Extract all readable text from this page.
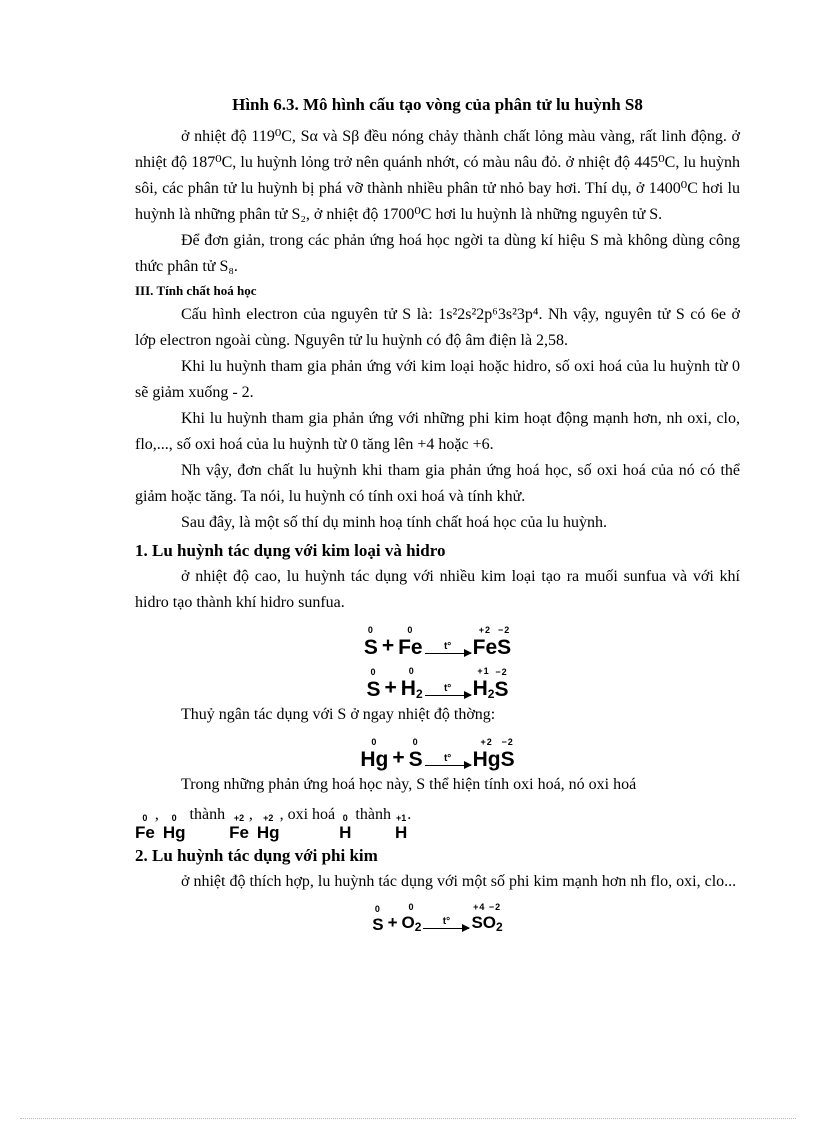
Hình 6.3. Mô hình cấu tạo vòng của phân tử lu huỳnh S8

ở nhiệt độ 119⁰C, Sα và Sβ đều nóng chảy thành chất lỏng màu vàng, rất linh động. ở nhiệt độ 187⁰C, lu huỳnh lỏng trở nên quánh nhớt, có màu nâu đỏ. ở nhiệt độ 445⁰C, lu huỳnh sôi, các phân tử lu huỳnh bị phá vỡ thành nhiều phân tử nhỏ bay hơi. Thí dụ, ở 1400⁰C hơi lu huỳnh là những phân tử S₂, ở nhiệt độ 1700⁰C hơi lu huỳnh là những nguyên tử S.

Để đơn giản, trong các phản ứng hoá học ngời ta dùng kí hiệu S mà không dùng công thức phân tử S₈.

III. Tính chất hoá học

Cấu hình electron của nguyên tử S là: 1s²2s²2p⁶3s²3p⁴. Nh vậy, nguyên tử S có 6e ở lớp electron ngoài cùng. Nguyên tử lu huỳnh có độ âm điện là 2,58.

Khi lu huỳnh tham gia phản ứng với kim loại hoặc hidro, số oxi hoá của lu huỳnh từ 0 sẽ giảm xuống - 2.

Khi lu huỳnh tham gia phản ứng với những phi kim hoạt động mạnh hơn, nh oxi, clo, flo,..., số oxi hoá của lu huỳnh từ 0 tăng lên +4 hoặc +6.

Nh vậy, đơn chất lu huỳnh khi tham gia phản ứng hoá học, số oxi hoá của nó có thể giảm hoặc tăng. Ta nói, lu huỳnh có tính oxi hoá và tính khử.

Sau đây, là một số thí dụ minh hoạ tính chất hoá học của lu huỳnh.

1. Lu huỳnh tác dụng với kim loại và hidro

ở nhiệt độ cao, lu huỳnh tác dụng với nhiều kim loại tạo ra muối sunfua và với khí hidro tạo thành khí hidro sunfua.

0
S +
0
Fe t°
+2
Fe
−2
S
0
S +
0
$H_2$ t°
+1
$H_2$
−2
S

Thuỷ ngân tác dụng với S ở ngay nhiệt độ thờng:

0
Hg +
0
S t°
+2
Hg
−2
S

Trong những phản ứng hoá học này, S thể hiện tính oxi hoá, nó oxi hoá

0
Fe
, 0
Hg
thành +2
Fe
, +2
Hg
, oxi hoá 0
H
thành +1
H
.

2. Lu huỳnh tác dụng với phi kim

ở nhiệt độ thích hợp, lu huỳnh tác dụng với một số phi kim mạnh hơn nh flo, oxi, clo...

0
S +
0
$O_2$ t°
+4 −2
$SO_2$
